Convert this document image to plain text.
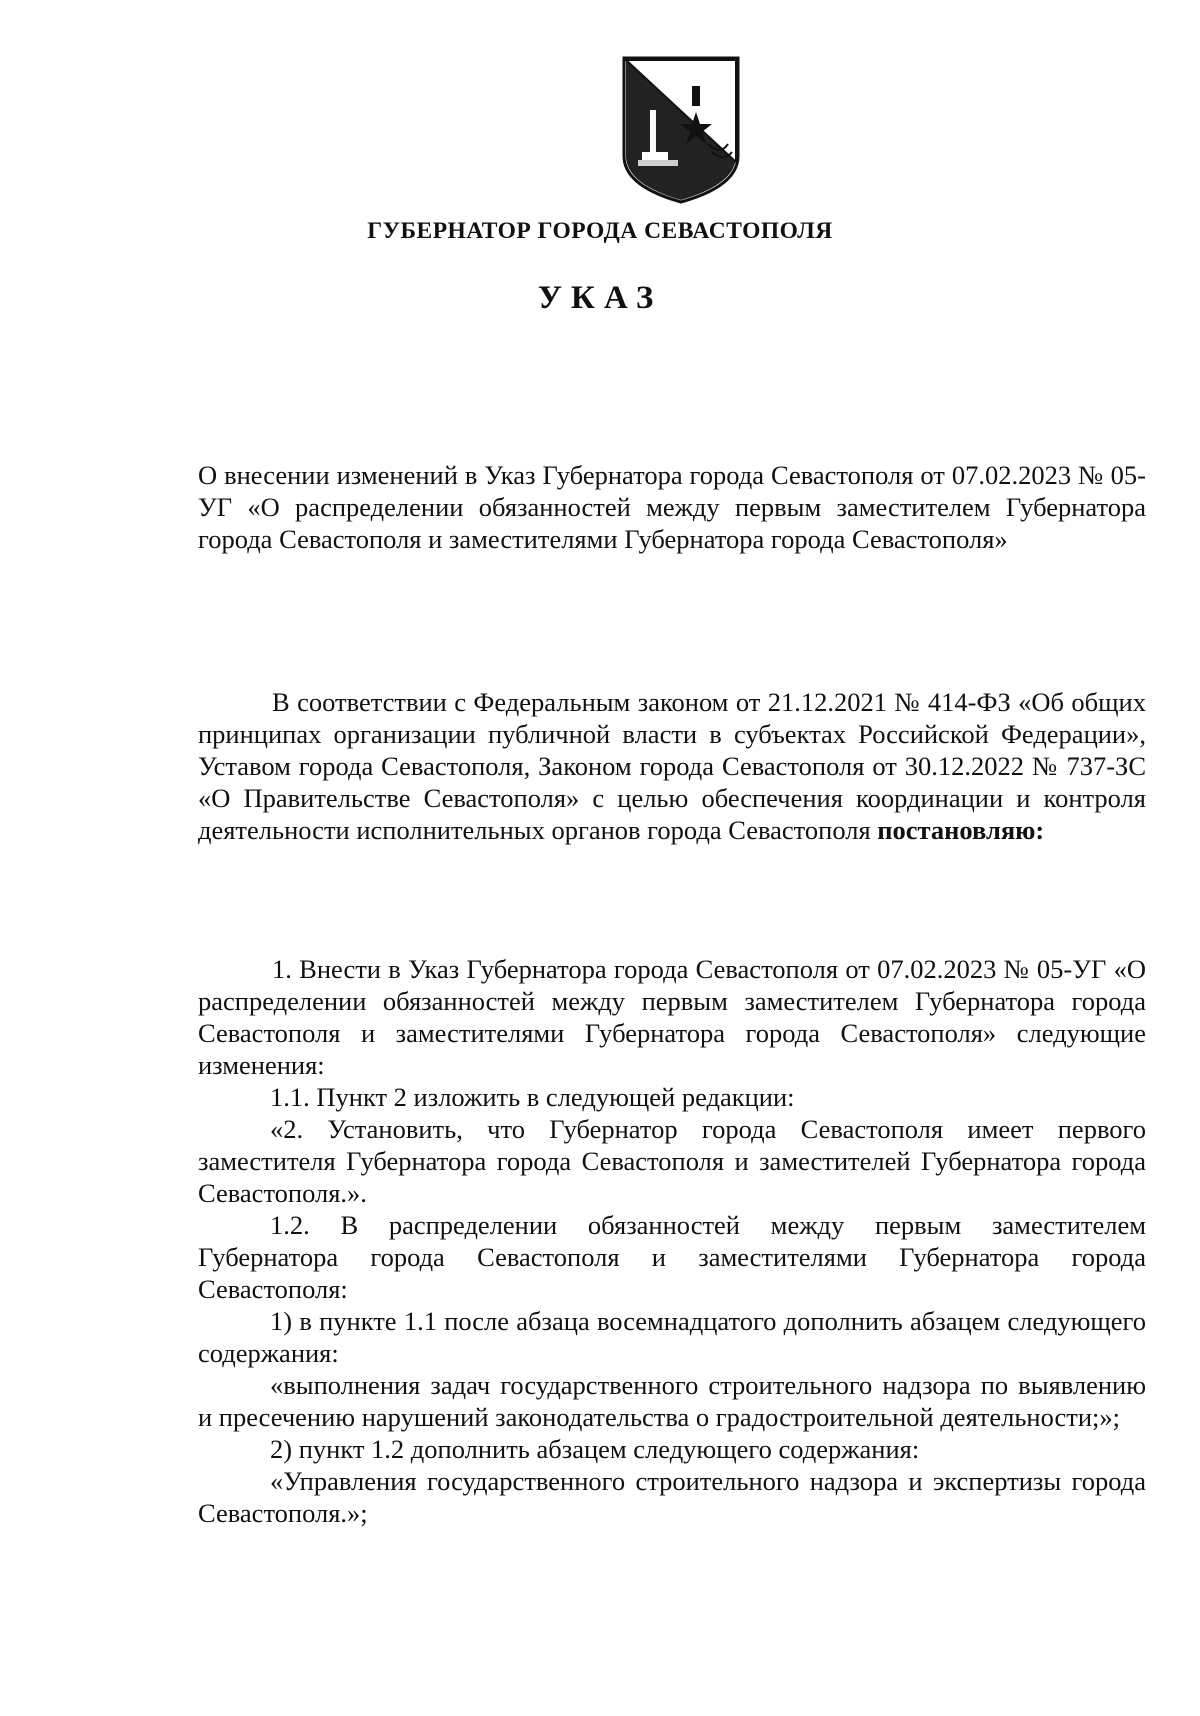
ГУБЕРНАТОР ГОРОДА СЕВАСТОПОЛЯ
УКАЗ

О внесении изменений в Указ Губернатора города Севастополя от 07.02.2023 № 05-УГ «О распределении обязанностей между первым заместителем Губернатора города Севастополя и заместителями Губернатора города Севастополя»

В соответствии с Федеральным законом от 21.12.2021 № 414-ФЗ «Об общих принципах организации публичной власти в субъектах Российской Федерации», Уставом города Севастополя, Законом города Севастополя от 30.12.2022 № 737-ЗС «О Правительстве Севастополя» с целью обеспечения координации и контроля деятельности исполнительных органов города Севастополя постановляю:

1. Внести в Указ Губернатора города Севастополя от 07.02.2023 № 05-УГ «О распределении обязанностей между первым заместителем Губернатора города Севастополя и заместителями Губернатора города Севастополя» следующие изменения:

1.1. Пункт 2 изложить в следующей редакции:

«2. Установить, что Губернатор города Севастополя имеет первого заместителя Губернатора города Севастополя и заместителей Губернатора города Севастополя.».

1.2. В распределении обязанностей между первым заместителем Губернатора города Севастополя и заместителями Губернатора города Севастополя:

1) в пункте 1.1 после абзаца восемнадцатого дополнить абзацем следующего содержания:

«выполнения задач государственного строительного надзора по выявлению и пресечению нарушений законодательства о градостроительной деятельности;»;

2) пункт 1.2 дополнить абзацем следующего содержания:

«Управления государственного строительного надзора и экспертизы города Севастополя.»;
